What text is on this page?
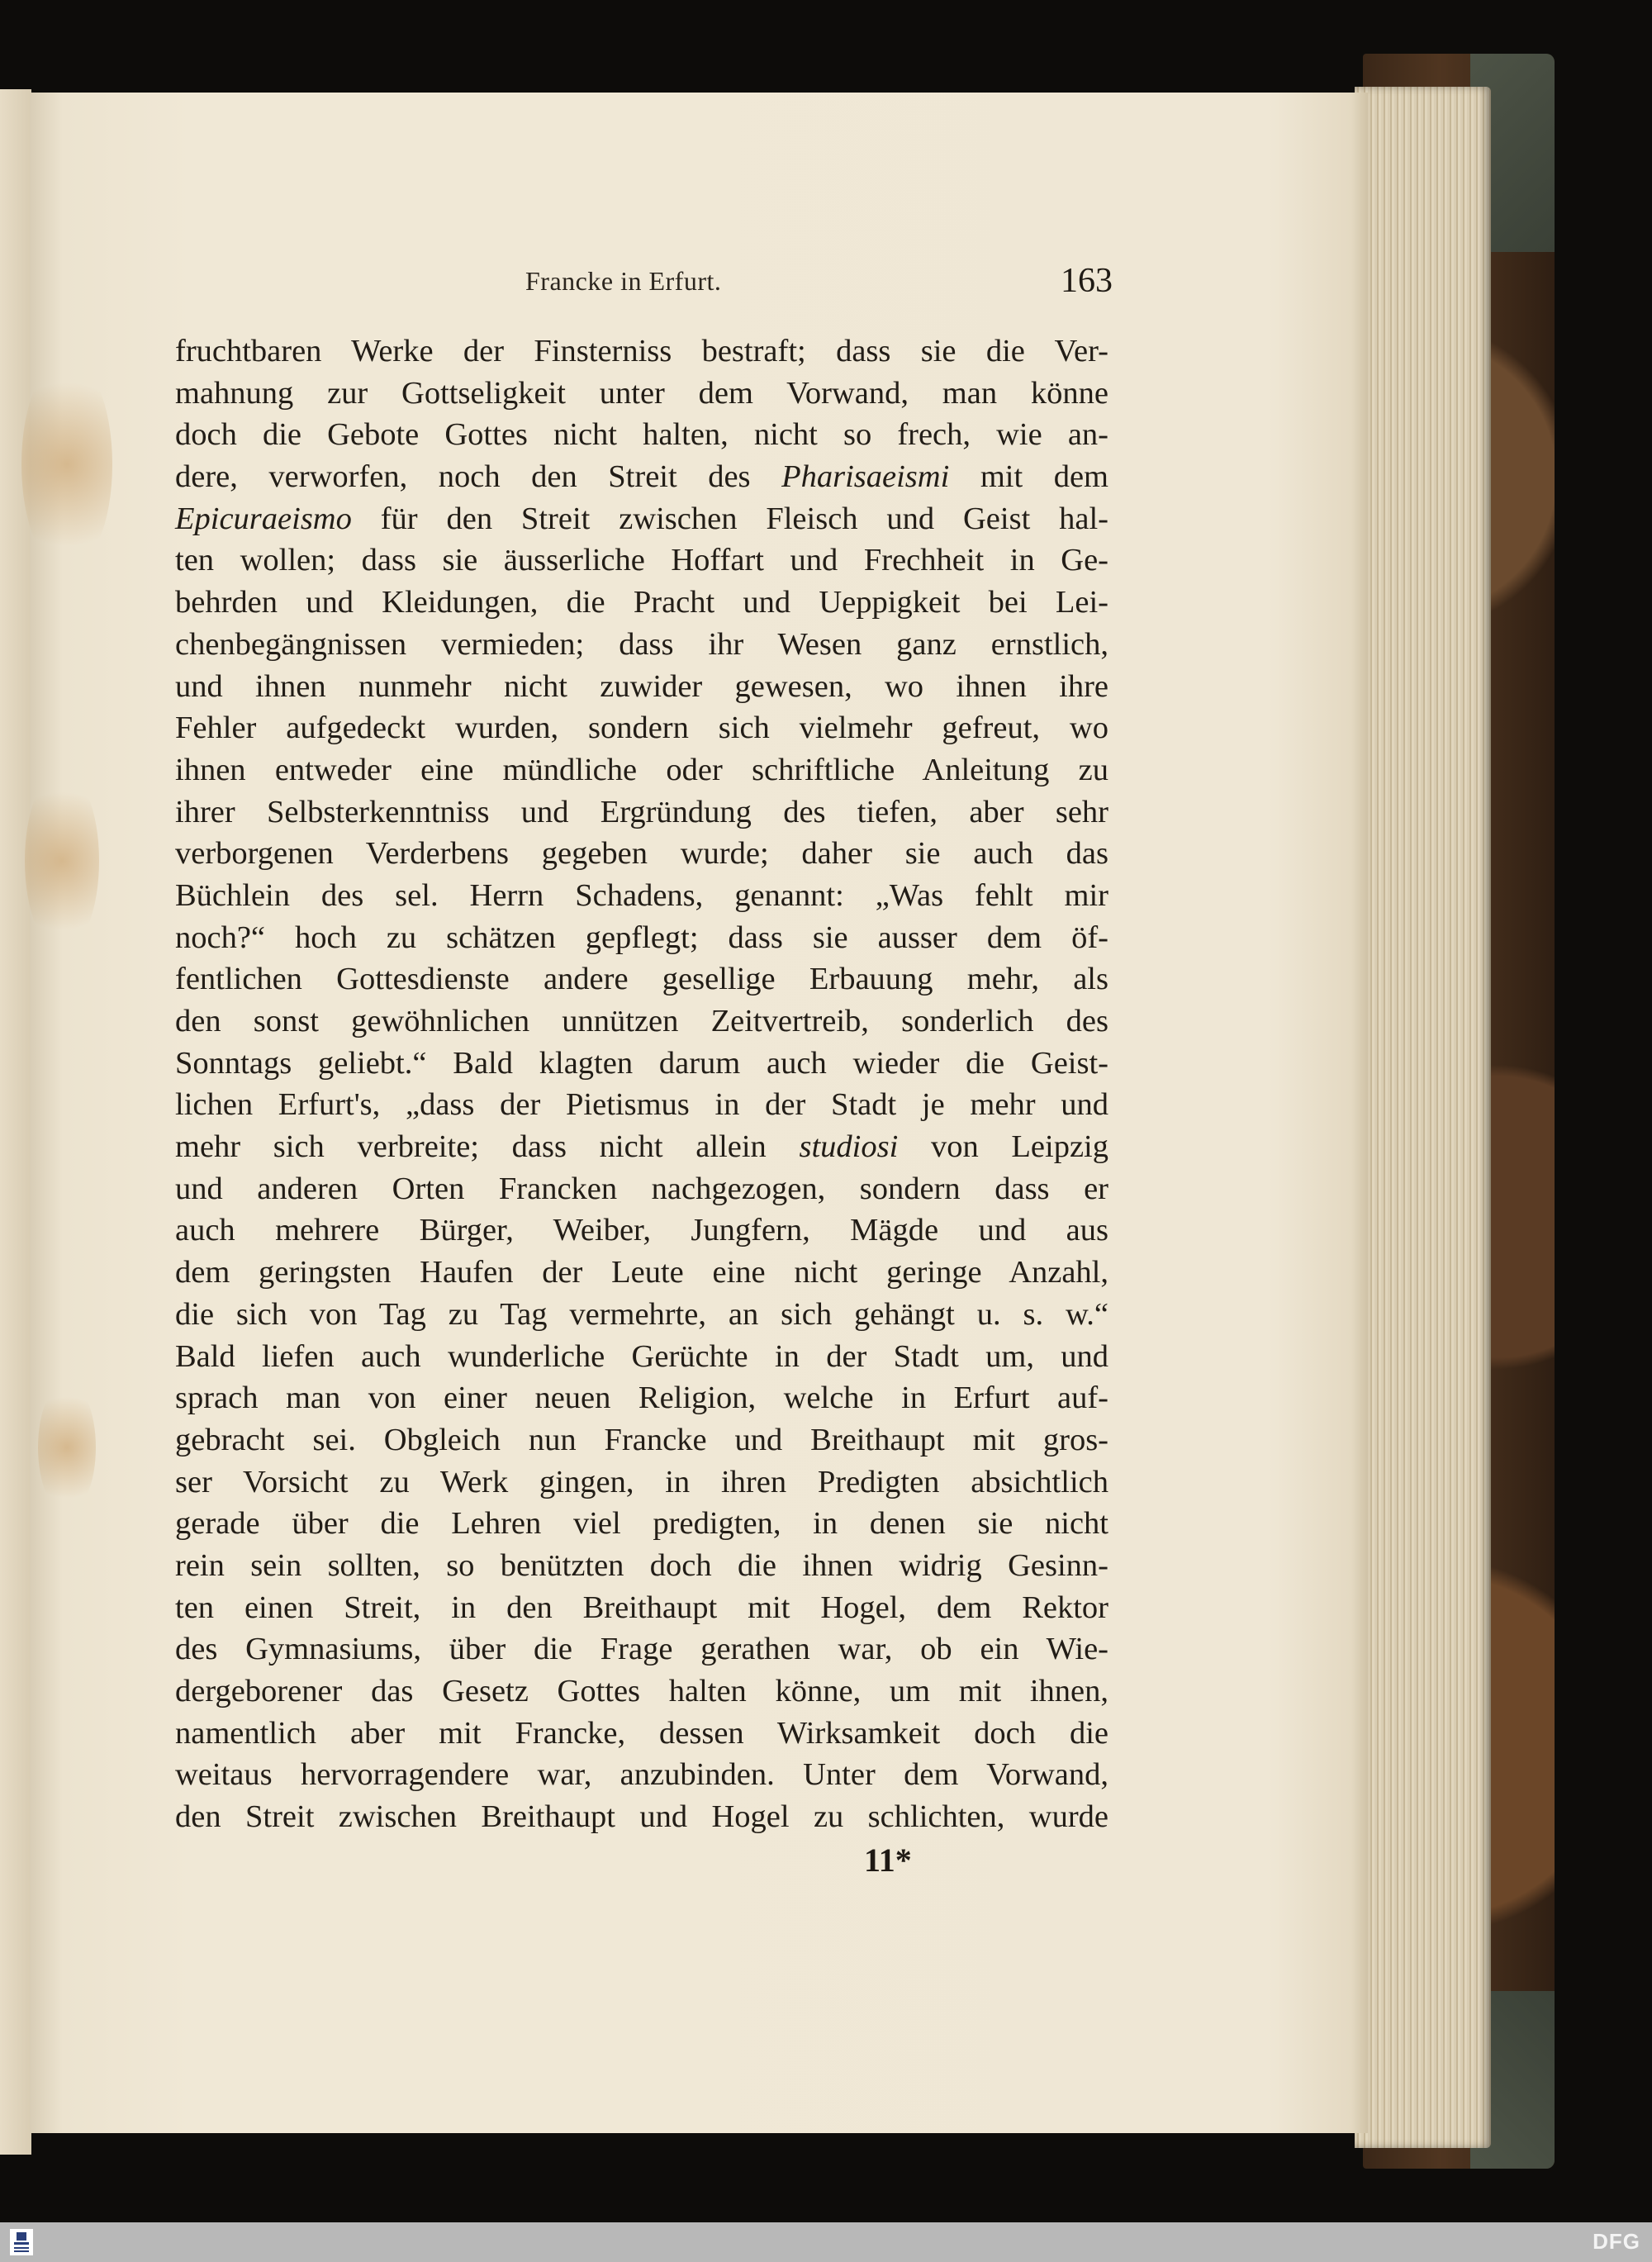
Francke in Erfurt.	163
fruchtbaren Werke der Finsterniss bestraft; dass sie die Ver-
mahnung zur Gottseligkeit unter dem Vorwand, man könne
doch die Gebote Gottes nicht halten, nicht so frech, wie an-
dere, verworfen, noch den Streit des Pharisaeismi mit dem
Epicuraeismo für den Streit zwischen Fleisch und Geist hal-
ten wollen; dass sie äusserliche Hoffart und Frechheit in Ge-
behrden und Kleidungen, die Pracht und Ueppigkeit bei Lei-
chenbegängnissen vermieden; dass ihr Wesen ganz ernstlich,
und ihnen nunmehr nicht zuwider gewesen, wo ihnen ihre
Fehler aufgedeckt wurden, sondern sich vielmehr gefreut, wo
ihnen entweder eine mündliche oder schriftliche Anleitung zu
ihrer Selbsterkenntniss und Ergründung des tiefen, aber sehr
verborgenen Verderbens gegeben wurde; daher sie auch das
Büchlein des sel. Herrn Schadens, genannt: „Was fehlt mir
noch?“ hoch zu schätzen gepflegt; dass sie ausser dem öf-
fentlichen Gottesdienste andere gesellige Erbauung mehr, als
den sonst gewöhnlichen unnützen Zeitvertreib, sonderlich des
Sonntags geliebt.“ Bald klagten darum auch wieder die Geist-
lichen Erfurt's, „dass der Pietismus in der Stadt je mehr und
mehr sich verbreite; dass nicht allein studiosi von Leipzig
und anderen Orten Francken nachgezogen, sondern dass er
auch mehrere Bürger, Weiber, Jungfern, Mägde und aus
dem geringsten Haufen der Leute eine nicht geringe Anzahl,
die sich von Tag zu Tag vermehrte, an sich gehängt u. s. w.“
Bald liefen auch wunderliche Gerüchte in der Stadt um, und
sprach man von einer neuen Religion, welche in Erfurt auf-
gebracht sei. Obgleich nun Francke und Breithaupt mit gros-
ser Vorsicht zu Werk gingen, in ihren Predigten absichtlich
gerade über die Lehren viel predigten, in denen sie nicht
rein sein sollten, so benützten doch die ihnen widrig Gesinn-
ten einen Streit, in den Breithaupt mit Hogel, dem Rektor
des Gymnasiums, über die Frage gerathen war, ob ein Wie-
dergeborener das Gesetz Gottes halten könne, um mit ihnen,
namentlich aber mit Francke, dessen Wirksamkeit doch die
weitaus hervorragendere war, anzubinden. Unter dem Vorwand,
den Streit zwischen Breithaupt und Hogel zu schlichten, wurde
11*
DFG
